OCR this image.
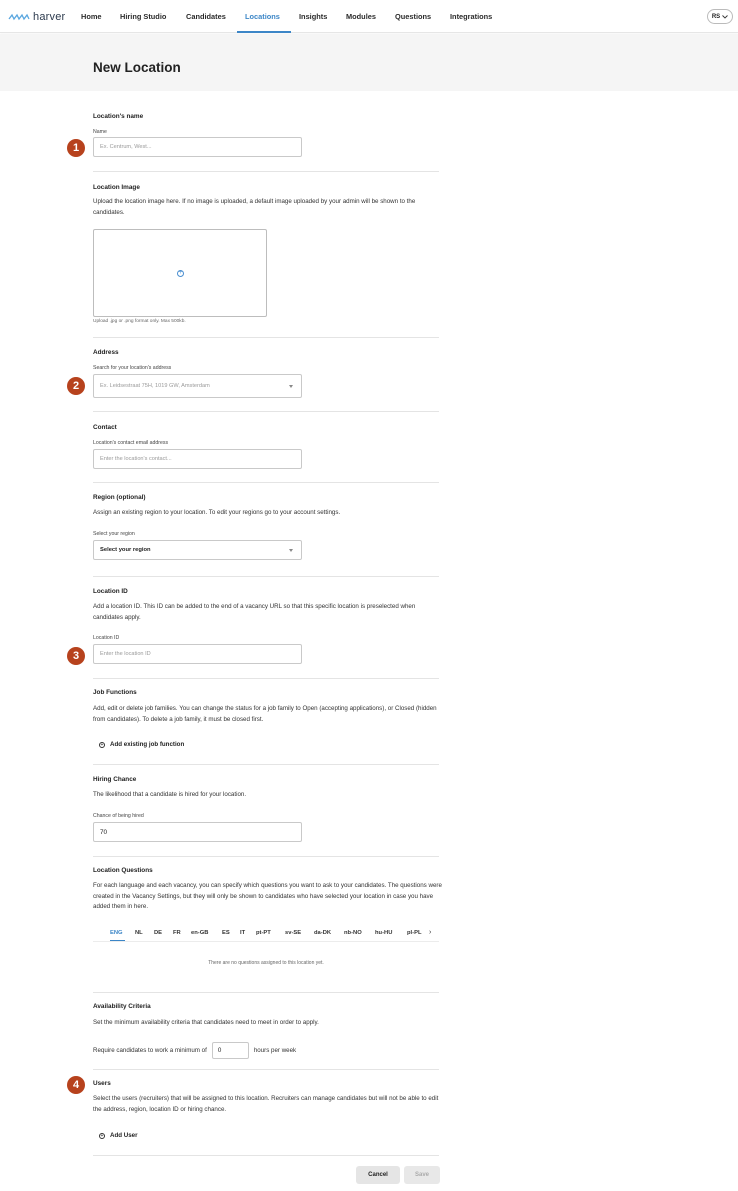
harver Home Hiring Studio	Candidates	Locations	Insights	Modules	Questions	Integrations	RS
New Location
Location's name
Name
1	Ex. Centrum, West...
Location Image
Upload the location image here. If no image is uploaded, a default image uploaded by your admin will be shown to the candidates.
+
Upload .jpg or .png format only. Max 500kb.
Address
Search for your location's address
2	Ex. Leidsestraat 75H, 1019 GW, Amsterdam
Contact
Location's contact email address
Enter the location's contact...
Region (optional)
Assign an existing region to your location. To edit your regions go to your account settings.
Select your region
Select your region
Location ID
Add a location ID. This ID can be added to the end of a vacancy URL so that this specific location is preselected when candidates apply.
Location ID
3	Enter the location ID
Job Functions
Add, edit or delete job families. You can change the status for a job family to Open (accepting applications), or Closed (hidden from candidates). To delete a job family, it must be closed first.
+ Add existing job function
Hiring Chance
The likelihood that a candidate is hired for your location.
Chance of being hired
70
Location Questions
For each language and each vacancy, you can specify which questions you want to ask to your candidates. The questions were created in the Vacancy Settings, but they will only be shown to candidates who have selected your location in case you have added them in here.
ENG NL DE FR en-GB ES IT pt-PT sv-SE da-DK nb-NO hu-HU	pl-PL ›
There are no questions assigned to this location yet.
Availability Criteria
Set the minimum availability criteria that candidates need to meet in order to apply.
Require candidates to work a minimum of 0	hours per week
4	Users
Select the users (recruiters) that will be assigned to this location. Recruiters can manage candidates but will not be able to edit the address, region, location ID or hiring chance.
+ Add User
Cancel	Save
